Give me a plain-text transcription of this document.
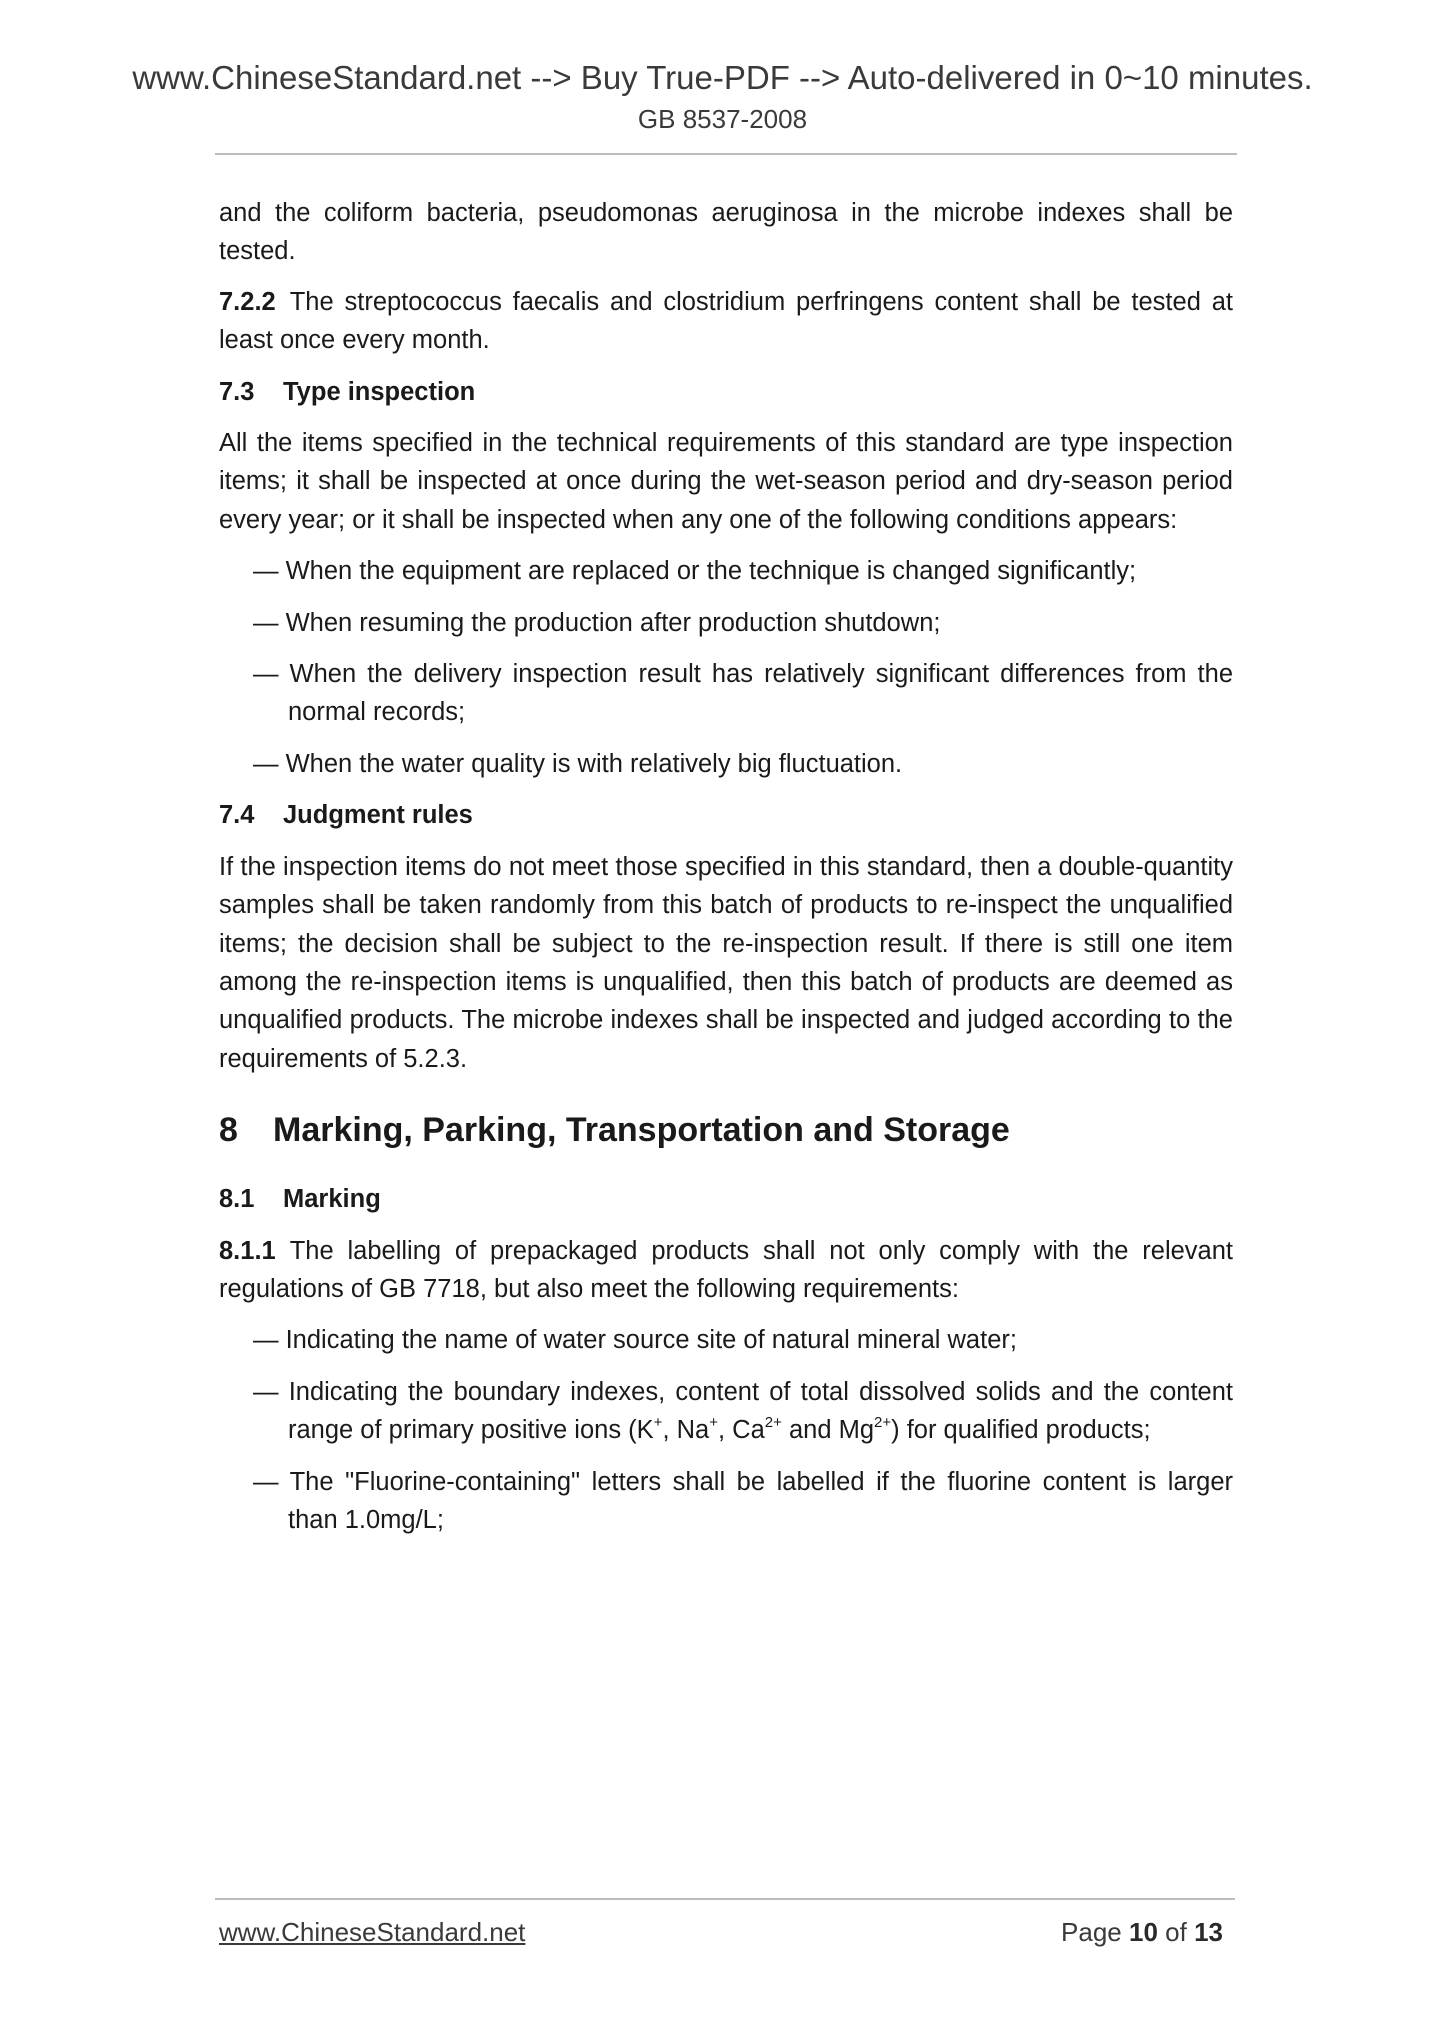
www.ChineseStandard.net --> Buy True-PDF --> Auto-delivered in 0~10 minutes.
GB 8537-2008

and the coliform bacteria, pseudomonas aeruginosa in the microbe indexes shall be tested.

7.2.2 The streptococcus faecalis and clostridium perfringens content shall be tested at least once every month.

7.3 Type inspection

All the items specified in the technical requirements of this standard are type inspection items; it shall be inspected at once during the wet-season period and dry-season period every year; or it shall be inspected when any one of the following conditions appears:

— When the equipment are replaced or the technique is changed significantly;

— When resuming the production after production shutdown;

— When the delivery inspection result has relatively significant differences from the normal records;

— When the water quality is with relatively big fluctuation.

7.4 Judgment rules

If the inspection items do not meet those specified in this standard, then a double-quantity samples shall be taken randomly from this batch of products to re-inspect the unqualified items; the decision shall be subject to the re-inspection result. If there is still one item among the re-inspection items is unqualified, then this batch of products are deemed as unqualified products. The microbe indexes shall be inspected and judged according to the requirements of 5.2.3.

8 Marking, Parking, Transportation and Storage

8.1 Marking

8.1.1 The labelling of prepackaged products shall not only comply with the relevant regulations of GB 7718, but also meet the following requirements:

— Indicating the name of water source site of natural mineral water;

— Indicating the boundary indexes, content of total dissolved solids and the content range of primary positive ions (K+, Na+, $Ca^{2+}$ and $Mg^{2+}$) for qualified products;

— The "Fluorine-containing" letters shall be labelled if the fluorine content is larger than 1.0mg/L;

www.ChineseStandard.net	Page 10 of 13
